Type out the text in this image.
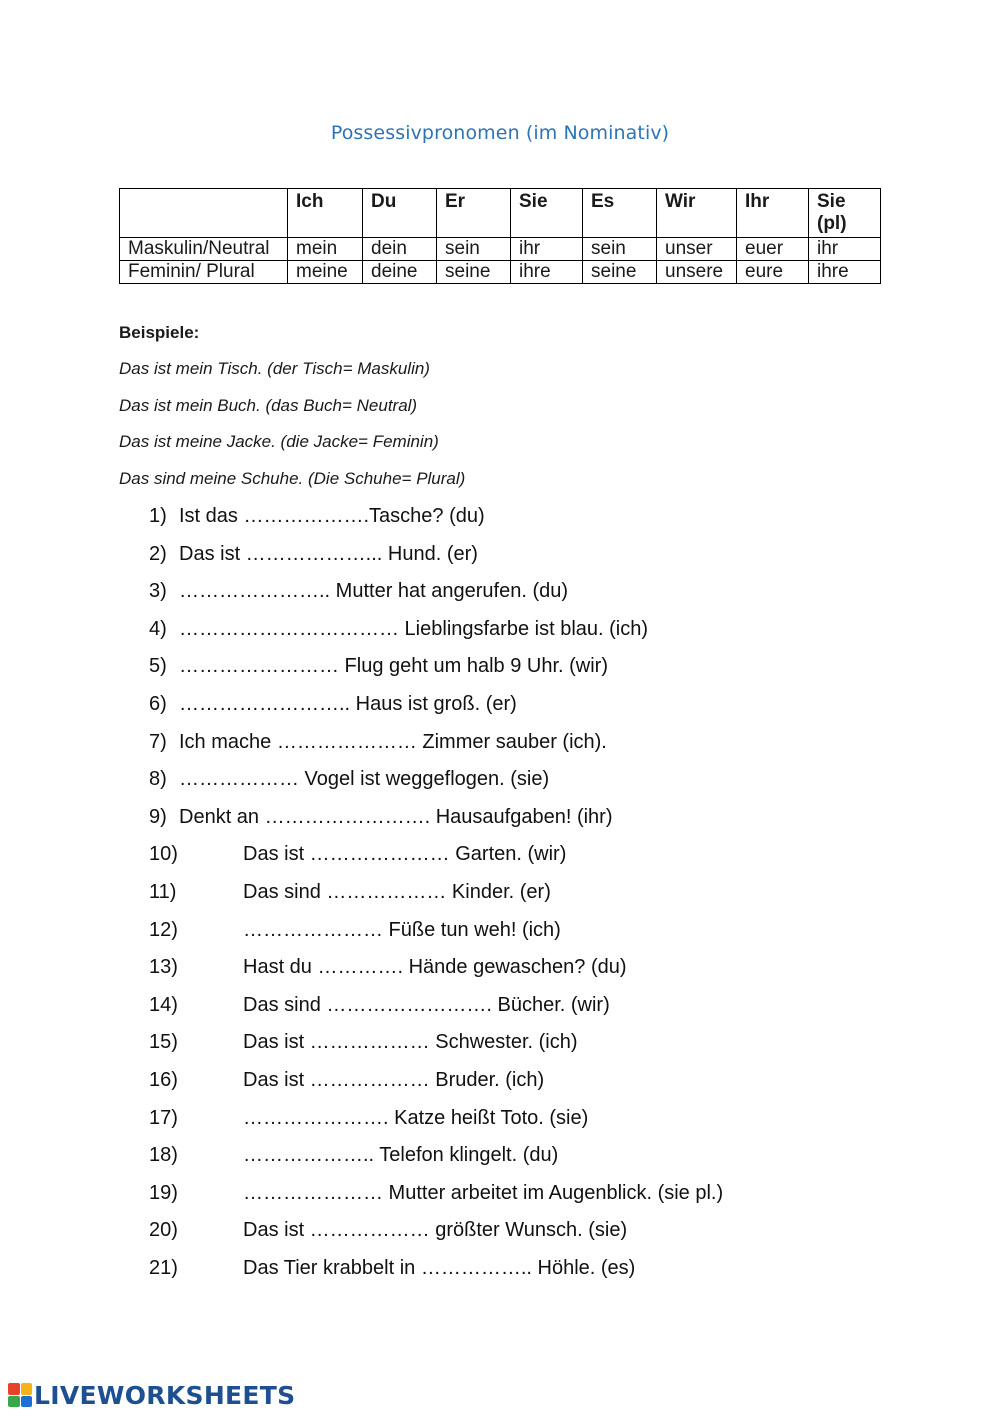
Possessivpronomen (im Nominativ)
	Ich	Du	Er	Sie	Es	Wir	Ihr	Sie (pl)
Maskulin/Neutral	mein	dein	sein	ihr	sein	unser	euer	ihr
Feminin/ Plural	meine	deine	seine	ihre	seine	unsere	eure	ihre
Beispiele:
Das ist mein Tisch. (der Tisch= Maskulin)
Das ist mein Buch. (das Buch= Neutral)
Das ist meine Jacke. (die Jacke= Feminin)
Das sind meine Schuhe. (Die Schuhe= Plural)
1) Ist das ……………….Tasche? (du)
2) Das ist ………………... Hund. (er)
3) ………………….. Mutter hat angerufen. (du)
4) …………………………… Lieblingsfarbe ist blau. (ich)
5) …………………… Flug geht um halb 9 Uhr. (wir)
6) …………………….. Haus ist groß. (er)
7) Ich mache ………………… Zimmer sauber (ich).
8) ……………… Vogel ist weggeflogen. (sie)
9) Denkt an ……………………. Hausaufgaben! (ihr)
10)	Das ist ………………… Garten. (wir)
11)	Das sind ……………… Kinder. (er)
12)	………………… Füße tun weh! (ich)
13)	Hast du …………. Hände gewaschen? (du)
14)	Das sind ……………………. Bücher. (wir)
15)	Das ist ……………… Schwester. (ich)
16)	Das ist ……………… Bruder. (ich)
17)	…………………. Katze heißt Toto. (sie)
18)	……………….. Telefon klingelt. (du)
19)	………………… Mutter arbeitet im Augenblick. (sie pl.)
20)	Das ist ……………… größter Wunsch. (sie)
21)	Das Tier krabbelt in …………….. Höhle. (es)
LIVEWORKSHEETS
